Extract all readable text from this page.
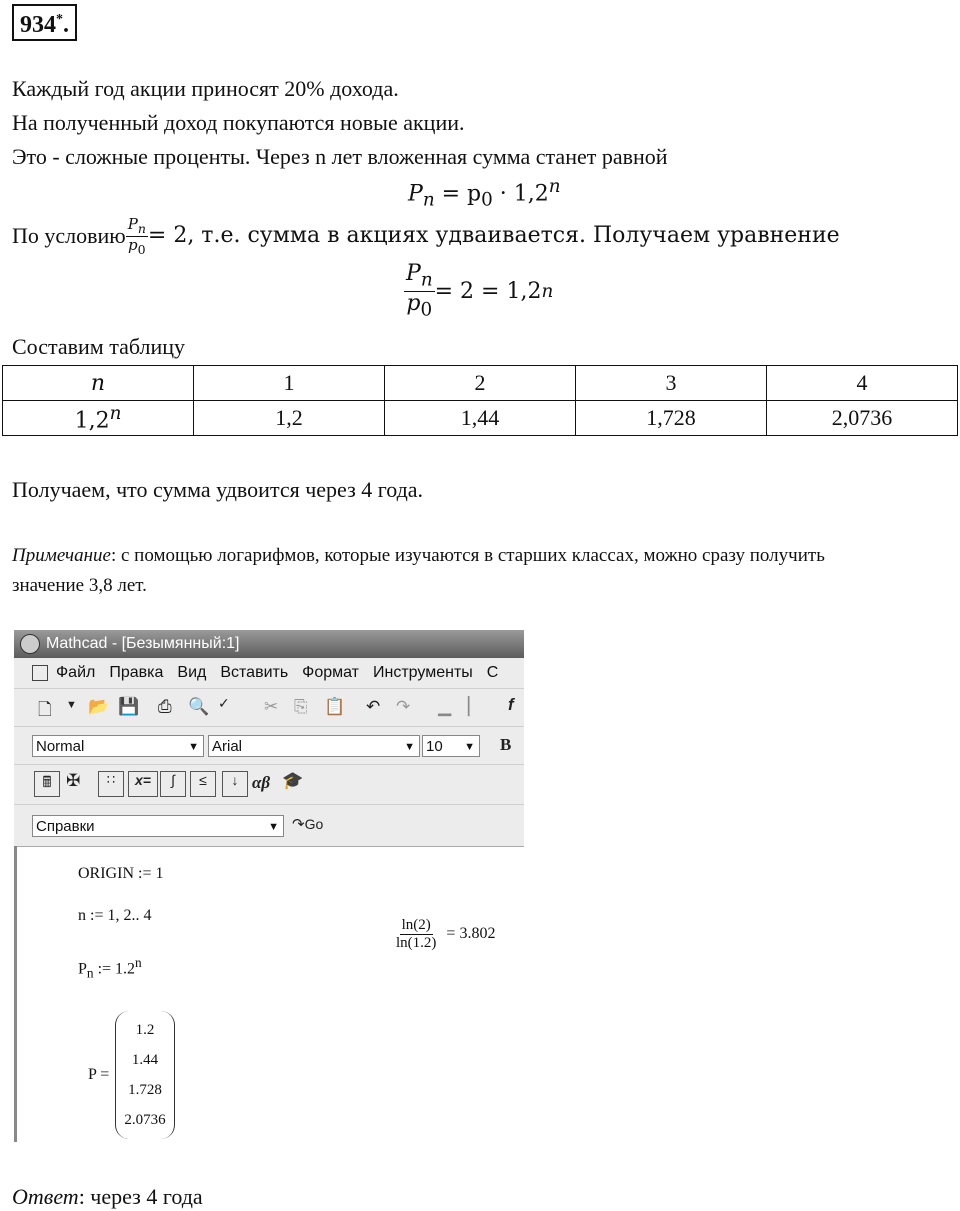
934*.
Каждый год акции приносят 20% дохода.
На полученный доход покупаются новые акции.
Это - сложные проценты. Через n лет вложенная сумма станет равной
$P_n = p_0 \cdot 1,2^n$
По условию $\frac{P_n}{p_0} = 2$, т.е. сумма в акциях удваивается. Получаем уравнение
$\frac{P_n}{p_0} = 2 = 1,2$ n
Составим таблицу
n	1	2	3	4
1,2$^n$	1,2	1,44	1,728	2,0736
Получаем, что сумма удвоится через 4 года.
Примечание: с помощью логарифмов, которые изучаются в старших классах, можно сразу получить
значение 3,8 лет.
Mathcad - [Безымянный:1]
Файл Правка Вид Вставить Формат Инструменты С
🗋 ▼ 📂 💾 ⎙ 🔍 ✓ ✂ ⎘ 📋 ↶ ↷ ▁ ▏ f
Normal	▼ Arial	▼ 10 ▼ B
🖩 ✠	∷	x=	∫	≤	↓ αβ 🎓
Справки	▼ ↷Go
ORIGIN := 1
n := 1, 2.. 4
$P_n$ := $1.2^n$
$\frac{\ln(2)}{\ln(1.2)} = 3.802$
P =
1.2
1.44
1.728
2.0736
Ответ: через 4 года
